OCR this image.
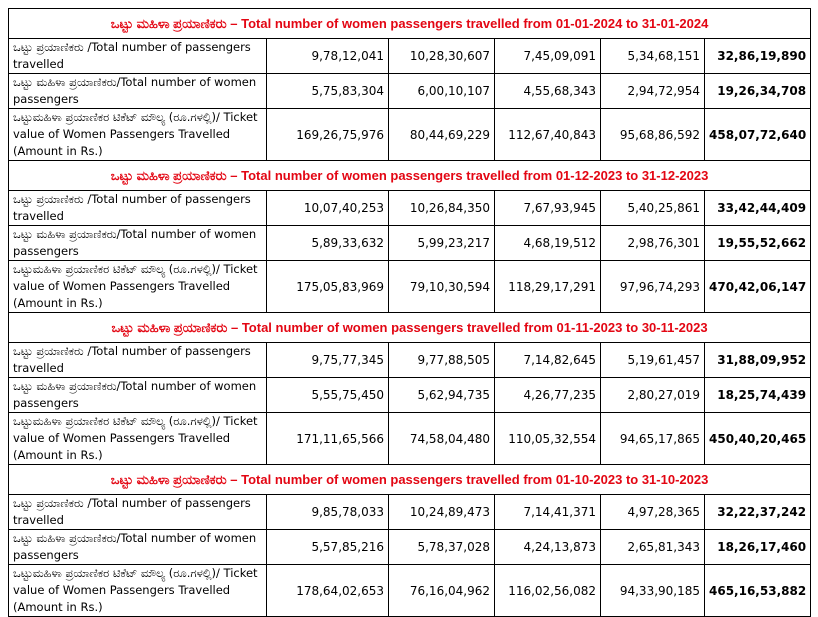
ಒಟ್ಟು ಮಹಿಳಾ ಪ್ರಯಾಣಿಕರು – Total number of women passengers travelled from 01-01-2024 to 31-01-2024					
ಒಟ್ಟು ಪ್ರಯಾಣಿಕರು /Total number of passengers travelled	9,78,12,041	10,28,30,607	7,45,09,091	5,34,68,151	32,86,19,890
ಒಟ್ಟು ಮಹಿಳಾ ಪ್ರಯಾಣಿಕರು/Total number of women passengers	5,75,83,304	6,00,10,107	4,55,68,343	2,94,72,954	19,26,34,708
ಒಟ್ಟುಮಹಿಳಾ ಪ್ರಯಾಣಿಕರ ಟಿಕೆಟ್ ಮೌಲ್ಯ (ರೂ.ಗಳಲ್ಲಿ)/ Ticket value of Women Passengers Travelled (Amount in Rs.)	169,26,75,976	80,44,69,229	112,67,40,843	95,68,86,592	458,07,72,640
ಒಟ್ಟು ಮಹಿಳಾ ಪ್ರಯಾಣಿಕರು – Total number of women passengers travelled from 01-12-2023 to 31-12-2023					
ಒಟ್ಟು ಪ್ರಯಾಣಿಕರು /Total number of passengers travelled	10,07,40,253	10,26,84,350	7,67,93,945	5,40,25,861	33,42,44,409
ಒಟ್ಟು ಮಹಿಳಾ ಪ್ರಯಾಣಿಕರು/Total number of women passengers	5,89,33,632	5,99,23,217	4,68,19,512	2,98,76,301	19,55,52,662
ಒಟ್ಟುಮಹಿಳಾ ಪ್ರಯಾಣಿಕರ ಟಿಕೆಟ್ ಮೌಲ್ಯ (ರೂ.ಗಳಲ್ಲಿ)/ Ticket value of Women Passengers Travelled (Amount in Rs.)	175,05,83,969	79,10,30,594	118,29,17,291	97,96,74,293	470,42,06,147
ಒಟ್ಟು ಮಹಿಳಾ ಪ್ರಯಾಣಿಕರು – Total number of women passengers travelled from 01-11-2023 to 30-11-2023					
ಒಟ್ಟು ಪ್ರಯಾಣಿಕರು /Total number of passengers travelled	9,75,77,345	9,77,88,505	7,14,82,645	5,19,61,457	31,88,09,952
ಒಟ್ಟು ಮಹಿಳಾ ಪ್ರಯಾಣಿಕರು/Total number of women passengers	5,55,75,450	5,62,94,735	4,26,77,235	2,80,27,019	18,25,74,439
ಒಟ್ಟುಮಹಿಳಾ ಪ್ರಯಾಣಿಕರ ಟಿಕೆಟ್ ಮೌಲ್ಯ (ರೂ.ಗಳಲ್ಲಿ)/ Ticket value of Women Passengers Travelled (Amount in Rs.)	171,11,65,566	74,58,04,480	110,05,32,554	94,65,17,865	450,40,20,465
ಒಟ್ಟು ಮಹಿಳಾ ಪ್ರಯಾಣಿಕರು – Total number of women passengers travelled from 01-10-2023 to 31-10-2023					
ಒಟ್ಟು ಪ್ರಯಾಣಿಕರು /Total number of passengers travelled	9,85,78,033	10,24,89,473	7,14,41,371	4,97,28,365	32,22,37,242
ಒಟ್ಟು ಮಹಿಳಾ ಪ್ರಯಾಣಿಕರು/Total number of women passengers	5,57,85,216	5,78,37,028	4,24,13,873	2,65,81,343	18,26,17,460
ಒಟ್ಟುಮಹಿಳಾ ಪ್ರಯಾಣಿಕರ ಟಿಕೆಟ್ ಮೌಲ್ಯ (ರೂ.ಗಳಲ್ಲಿ)/ Ticket value of Women Passengers Travelled (Amount in Rs.)	178,64,02,653	76,16,04,962	116,02,56,082	94,33,90,185	465,16,53,882
